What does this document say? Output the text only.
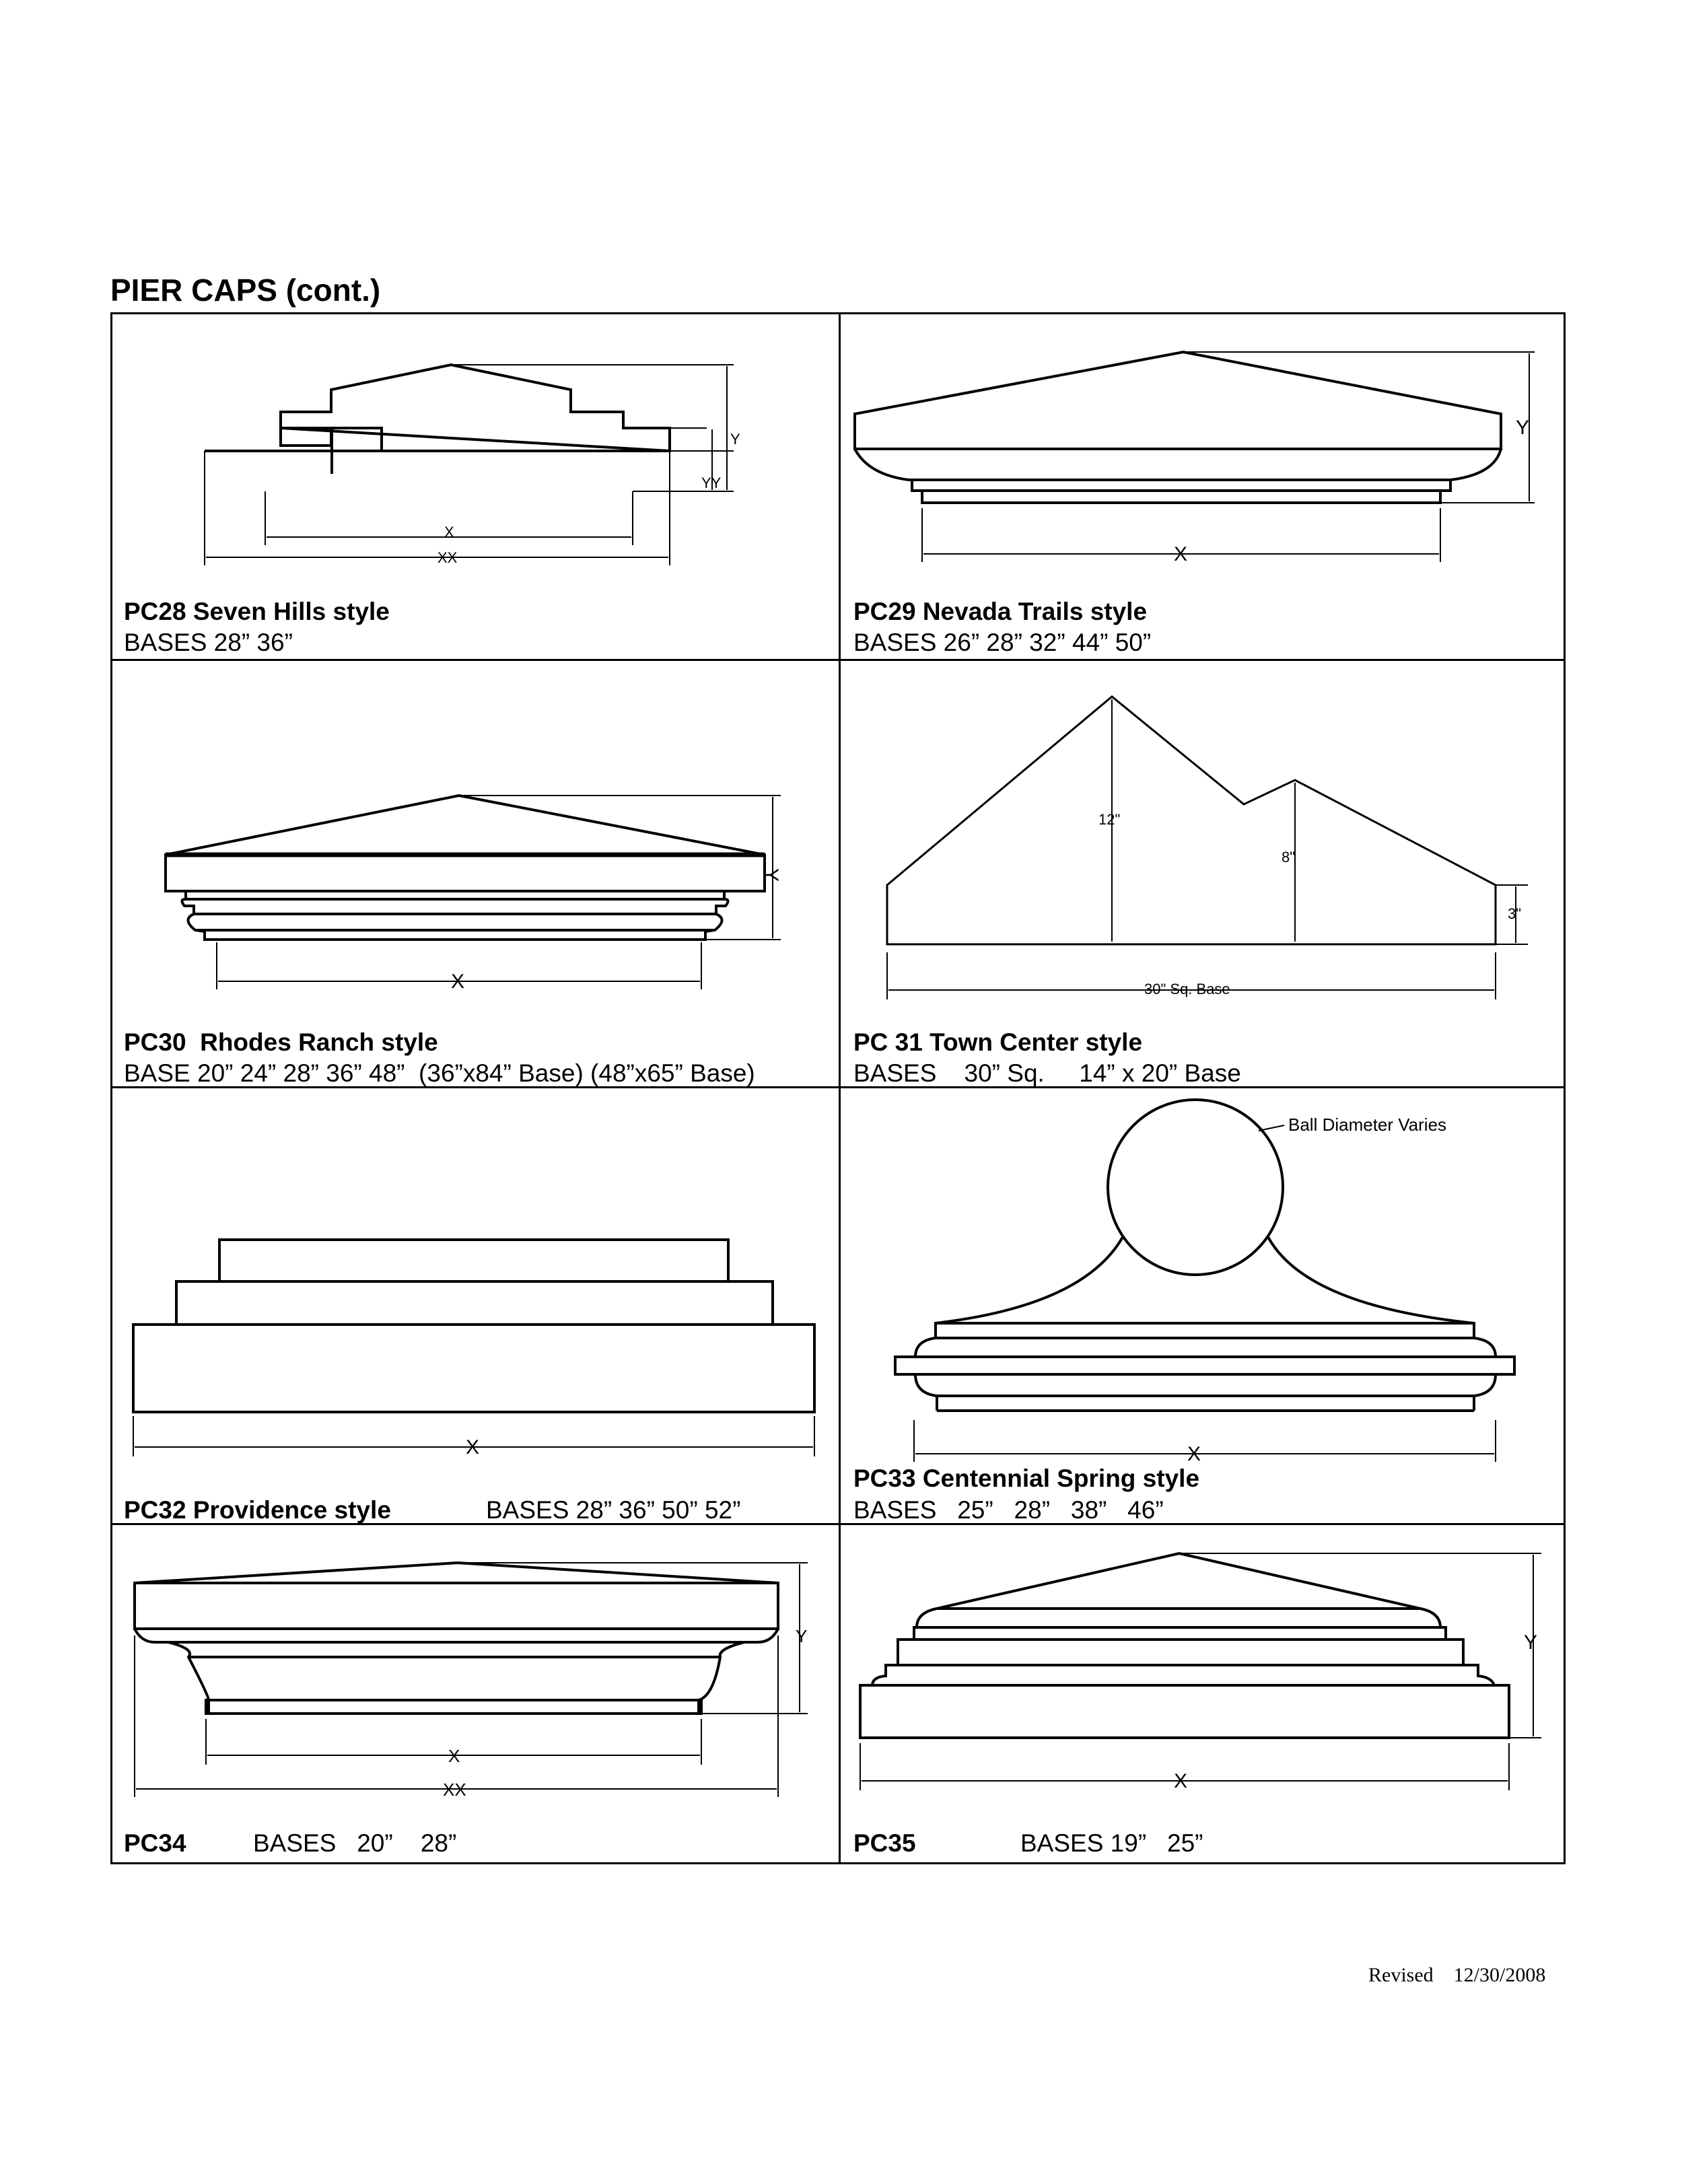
PIER CAPS (cont.)
Y
YY
X
XX
PC28 Seven Hills style
BASES 28” 36”
Y
X
PC29 Nevada Trails style
BASES 26” 28” 32” 44” 50”
Y
X
PC30  Rhodes Ranch style
BASE 20” 24” 28” 36” 48”  (36”x84” Base) (48”x65” Base)
12"
8"
3"
30" Sq. Base
PC 31 Town Center style
BASES    30” Sq.     14” x 20” Base
X
PC32 Providence style	BASES 28” 36” 50” 52”
Ball Diameter Varies
X
PC33 Centennial Spring style
BASES   25”   28”   38”   46”
Y
X
XX
PC34	BASES   20”    28”
Y
X
PC35	BASES 19”   25”
Revised 12/30/2008
